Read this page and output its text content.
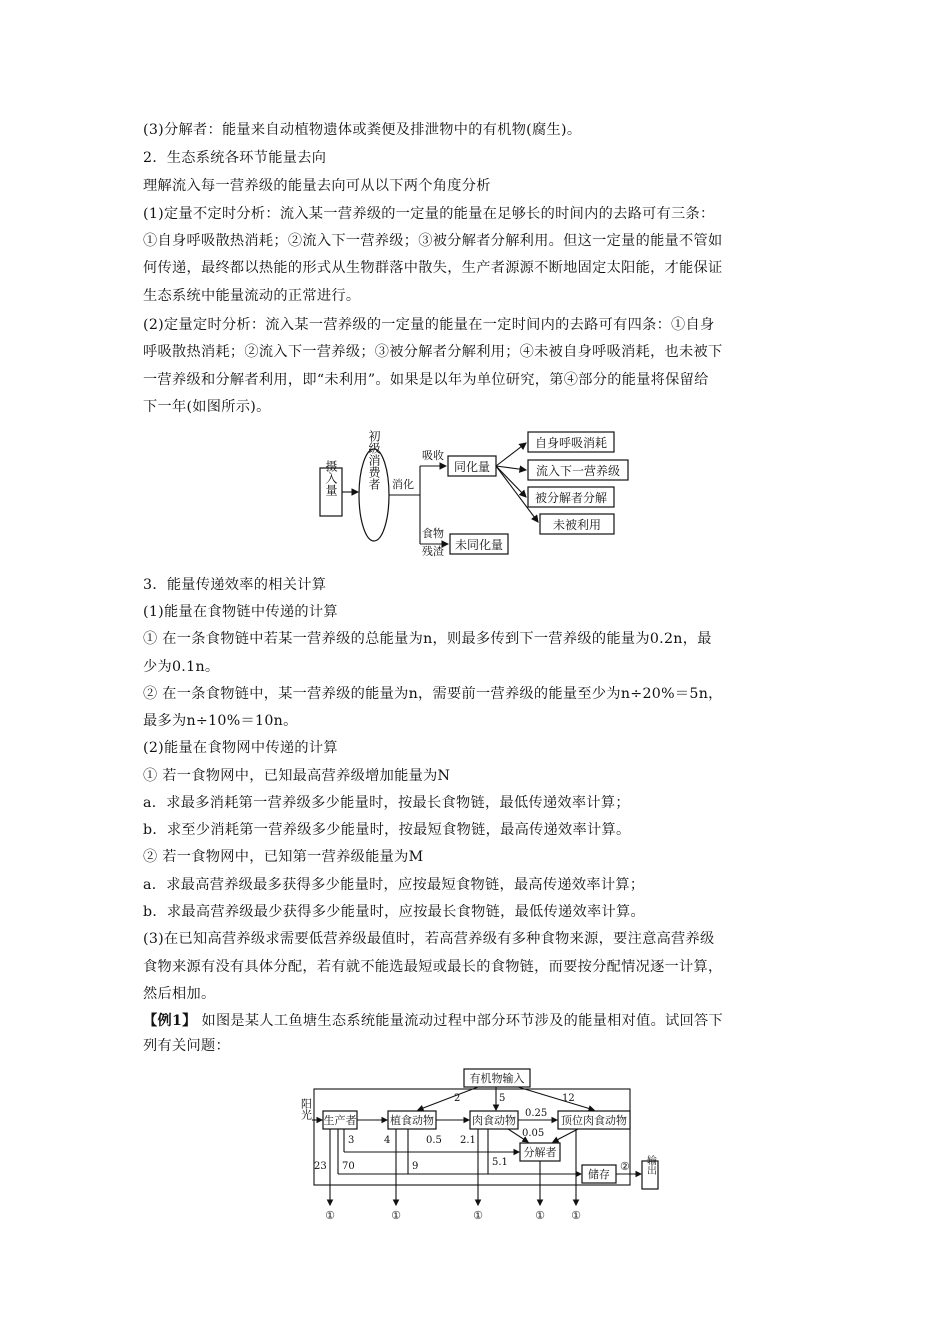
(3)分解者：能量来自动植物遗体或粪便及排泄物中的有机物(腐生)。
2．生态系统各环节能量去向
理解流入每一营养级的能量去向可从以下两个角度分析
(1)定量不定时分析：流入某一营养级的一定量的能量在足够长的时间内的去路可有三条：
①自身呼吸散热消耗；②流入下一营养级；③被分解者分解利用。但这一定量的能量不管如
何传递，最终都以热能的形式从生物群落中散失，生产者源源不断地固定太阳能，才能保证
生态系统中能量流动的正常进行。
(2)定量定时分析：流入某一营养级的一定量的能量在一定时间内的去路可有四条：①自身
呼吸散热消耗；②流入下一营养级；③被分解者分解利用；④未被自身呼吸消耗，也未被下
一营养级和分解者利用，即“未利用”。如果是以年为单位研究，第④部分的能量将保留给
下一年(如图所示)。
摄入量 初级消费者 消化
吸收
同化量
食物
残渣 未同化量
自身呼吸消耗
流入下一营养级
被分解者分解
未被利用
3．能量传递效率的相关计算
(1)能量在食物链中传递的计算
① 在一条食物链中若某一营养级的总能量为n，则最多传到下一营养级的能量为0.2n，最
少为0.1n。
② 在一条食物链中，某一营养级的能量为n，需要前一营养级的能量至少为n÷20%＝5n，
最多为n÷10%＝10n。
(2)能量在食物网中传递的计算
① 若一食物网中，已知最高营养级增加能量为N
a．求最多消耗第一营养级多少能量时，按最长食物链，最低传递效率计算；
b．求至少消耗第一营养级多少能量时，按最短食物链，最高传递效率计算。
② 若一食物网中，已知第一营养级能量为M
a．求最高营养级最多获得多少能量时，应按最短食物链，最高传递效率计算；
b．求最高营养级最少获得多少能量时，应按最长食物链，最低传递效率计算。
(3)在已知高营养级求需要低营养级最值时，若高营养级有多种食物来源，要注意高营养级
食物来源有没有具体分配，若有就不能选最短或最长的食物链，而要按分配情况逐一计算，
然后相加。
【例1】 如图是某人工鱼塘生态系统能量流动过程中部分环节涉及的能量相对值。试回答下
列有关问题：
有机物输入
阳光
生产者	植食动物	肉食动物	顶位肉食动物
分解者
储存	输出
②
2	5	12
3	4	0.5 2.1
0.25
0.05
23 70	9	5.1
①	①	①	① ①
